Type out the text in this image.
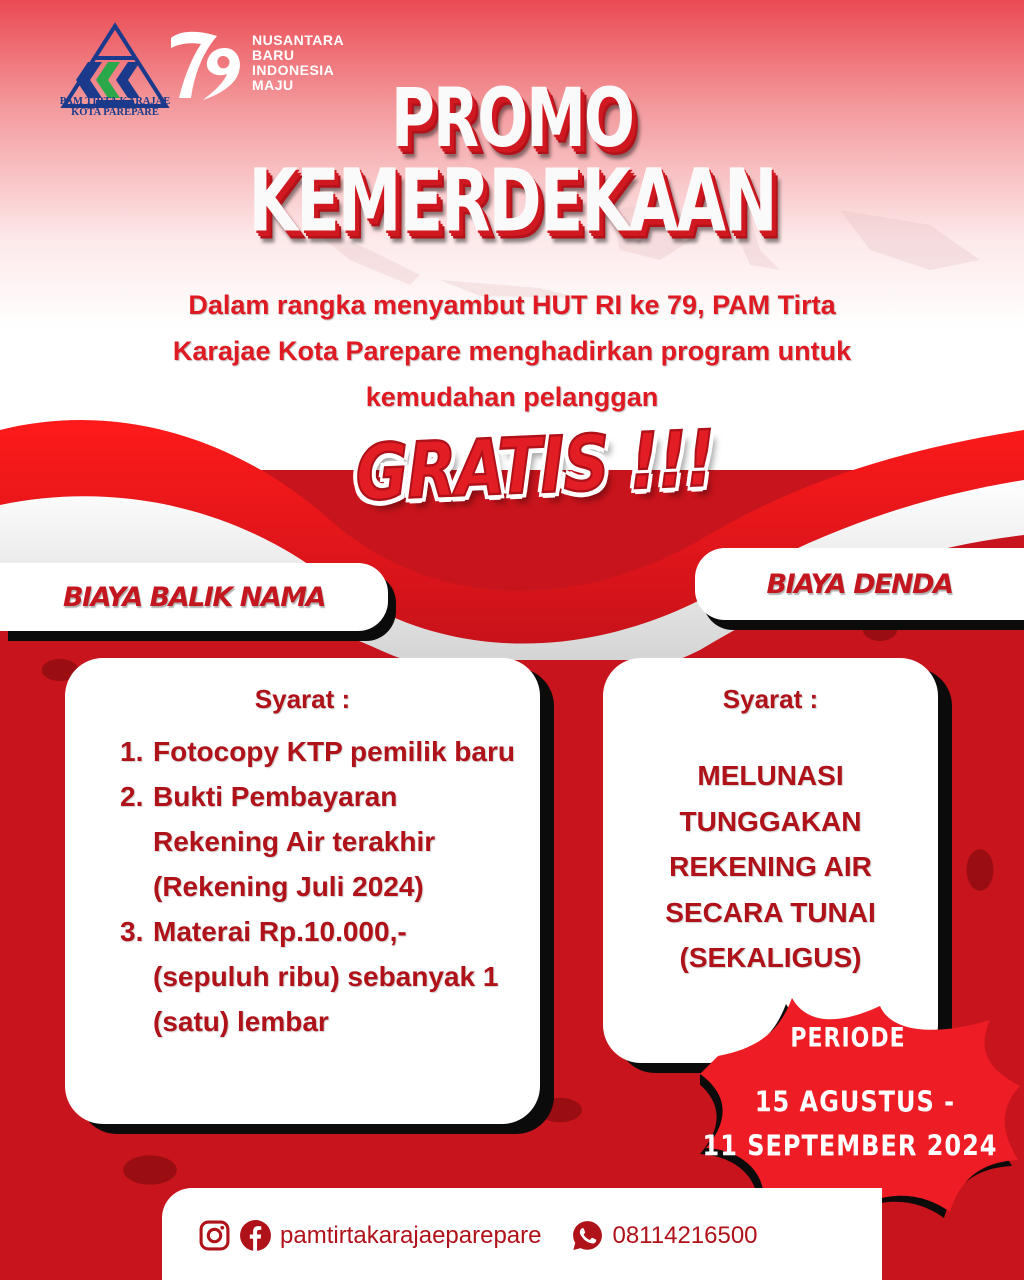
PAM TIRTA KARAJAE
KOTA PAREPARE
NUSANTARA
BARU
INDONESIA
MAJU	PROMO
KEMERDEKAAN
Dalam rangka menyambut HUT RI ke 79, PAM Tirta
Karajae Kota Parepare menghadirkan program untuk
kemudahan pelanggan
GRATIS !!!
BIAYA BALIK NAMA	BIAYA DENDA
Syarat :
1. Fotocopy KTP pemilik baru
2. Bukti Pembayaran Rekening Air terakhir (Rekening Juli 2024)
3. Materai Rp.10.000,- (sepuluh ribu) sebanyak 1 (satu) lembar
Syarat :
MELUNASI
TUNGGAKAN
REKENING AIR
SECARA TUNAI
(SEKALIGUS)
PERIODE
15 AGUSTUS -
11 SEPTEMBER 2024
pamtirtakarajaeparepare	08114216500
